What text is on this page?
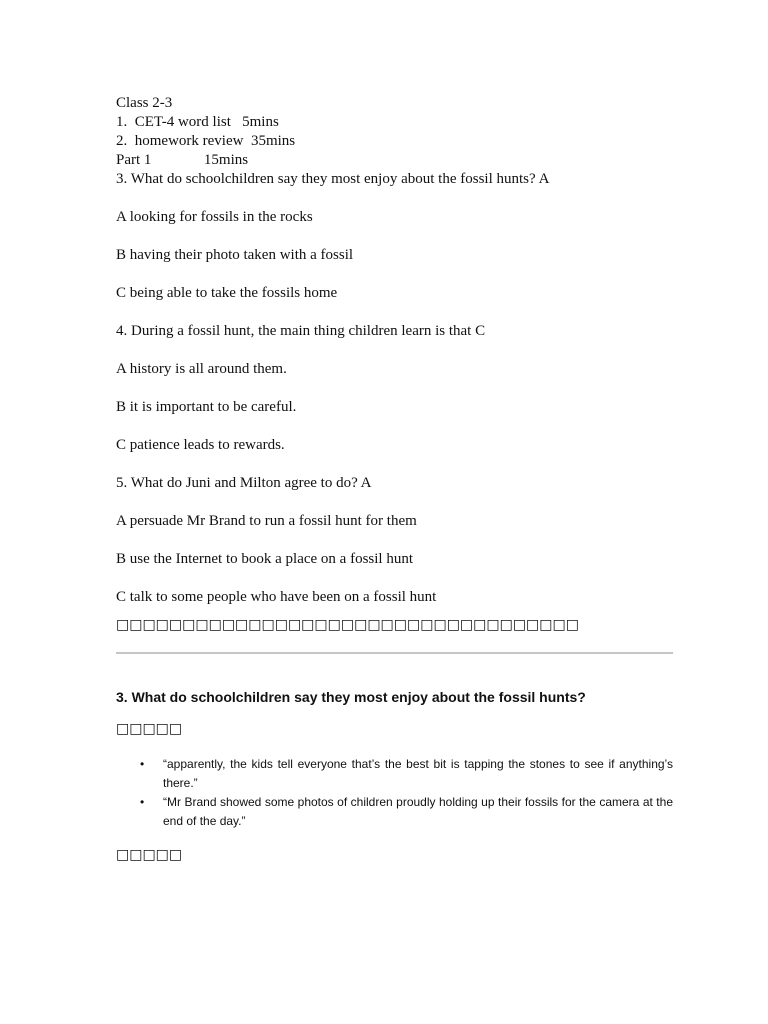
Class 2-3

1.  CET-4 word list   5mins

2.  homework review  35mins

Part 1              15mins

3. What do schoolchildren say they most enjoy about the fossil hunts? A

A looking for fossils in the rocks

B having their photo taken with a fossil

C being able to take the fossils home

4. During a fossil hunt, the main thing children learn is that C

A history is all around them.

B it is important to be careful.

C patience leads to rewards.

5. What do Juni and Milton agree to do? A

A persuade Mr Brand to run a fossil hunt for them

B use the Internet to book a place on a fossil hunt

C talk to some people who have been on a fossil hunt

□□□□□□□□□□□□□□□□□□□□□□□□□□□□□□□□□□□
3. What do schoolchildren say they most enjoy about the fossil hunts?
□□□□□
• “apparently, the kids tell everyone that’s the best bit is tapping the stones to see if anything’s there.”
• “Mr Brand showed some photos of children proudly holding up their fossils for the camera at the end of the day.”
□□□□□
